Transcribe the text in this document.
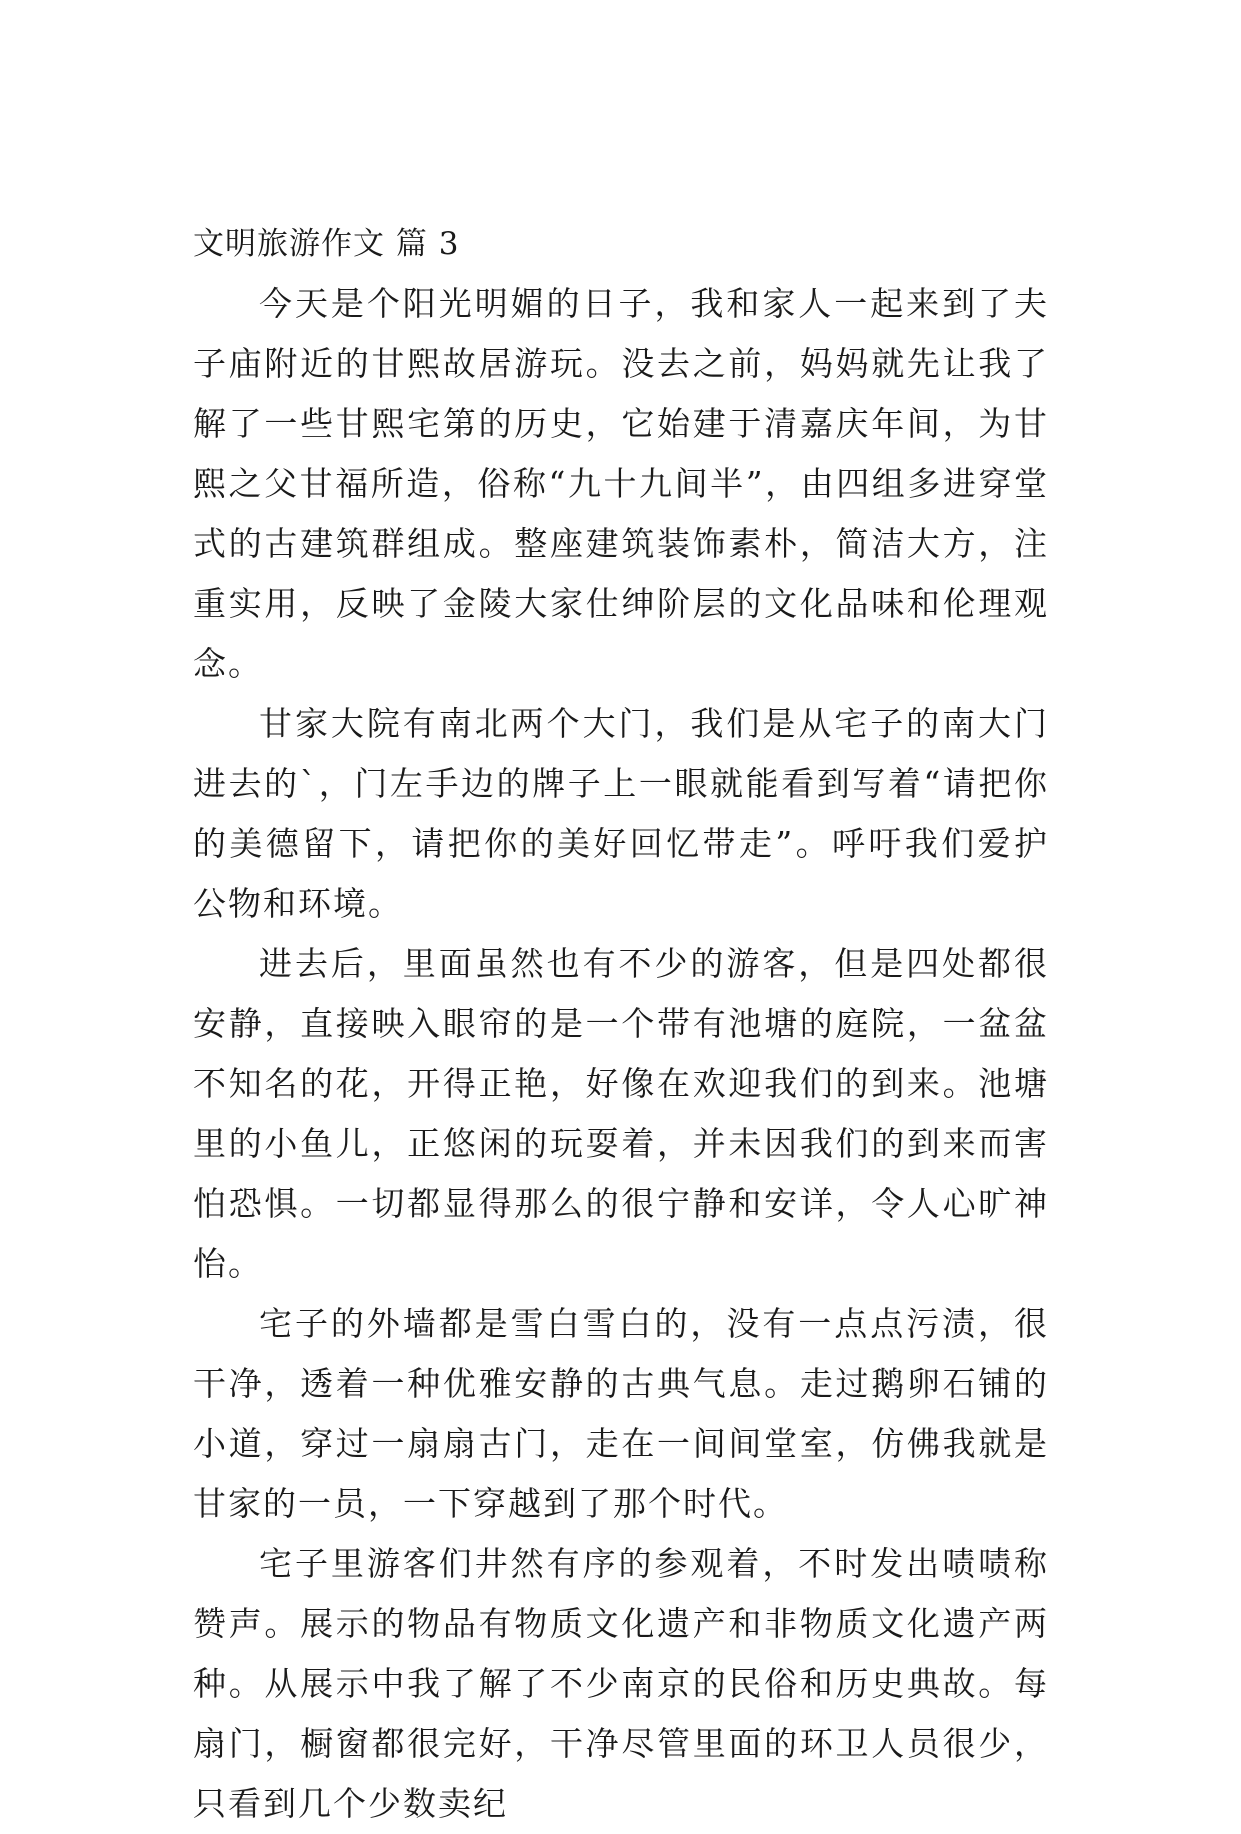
文明旅游作文 篇 3

今天是个阳光明媚的日子，我和家人一起来到了夫子庙附近的甘熙故居游玩。没去之前，妈妈就先让我了解了一些甘熙宅第的历史，它始建于清嘉庆年间，为甘熙之父甘福所造，俗称“九十九间半”，由四组多进穿堂式的古建筑群组成。整座建筑装饰素朴，简洁大方，注重实用，反映了金陵大家仕绅阶层的文化品味和伦理观念。

甘家大院有南北两个大门，我们是从宅子的南大门进去的`，门左手边的牌子上一眼就能看到写着“请把你的美德留下，请把你的美好回忆带走”。呼吁我们爱护公物和环境。

进去后，里面虽然也有不少的游客，但是四处都很安静，直接映入眼帘的是一个带有池塘的庭院，一盆盆不知名的花，开得正艳，好像在欢迎我们的到来。池塘里的小鱼儿，正悠闲的玩耍着，并未因我们的到来而害怕恐惧。一切都显得那么的很宁静和安详，令人心旷神怡。

宅子的外墙都是雪白雪白的，没有一点点污渍，很干净，透着一种优雅安静的古典气息。走过鹅卵石铺的小道，穿过一扇扇古门，走在一间间堂室，仿佛我就是甘家的一员，一下穿越到了那个时代。

宅子里游客们井然有序的参观着，不时发出啧啧称赞声。展示的物品有物质文化遗产和非物质文化遗产两种。从展示中我了解了不少南京的民俗和历史典故。每扇门，橱窗都很完好，干净尽管里面的环卫人员很少，只看到几个少数卖纪
